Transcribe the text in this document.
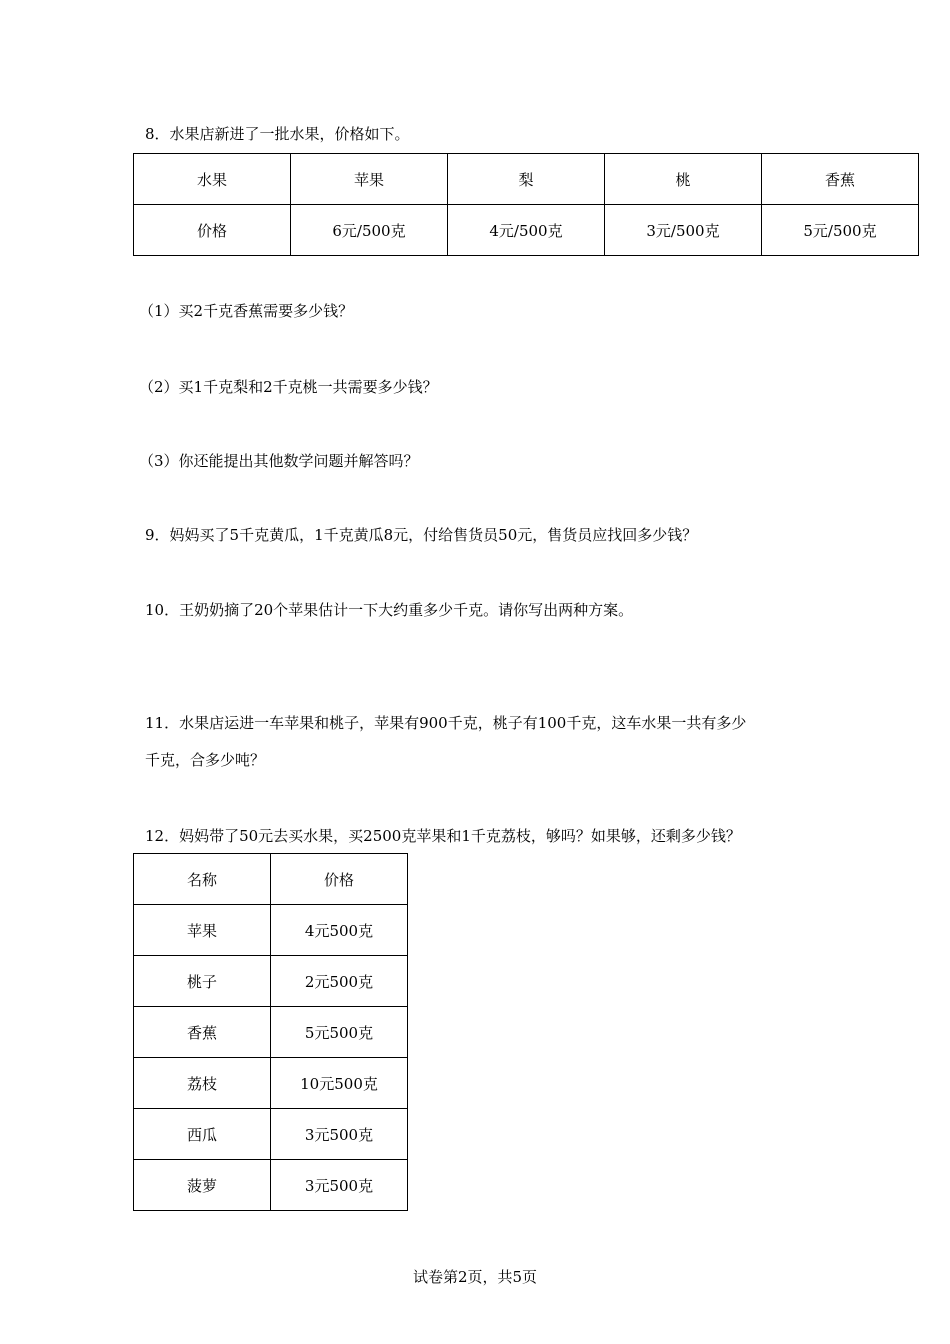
8．水果店新进了一批水果，价格如下。
水果	苹果	梨	桃	香蕉
价格	6元/500克	4元/500克	3元/500克	5元/500克
（1）买2千克香蕉需要多少钱？
（2）买1千克梨和2千克桃一共需要多少钱？
（3）你还能提出其他数学问题并解答吗？
9．妈妈买了5千克黄瓜，1千克黄瓜8元，付给售货员50元，售货员应找回多少钱？
10．王奶奶摘了20个苹果估计一下大约重多少千克。请你写出两种方案。
11．水果店运进一车苹果和桃子，苹果有900千克，桃子有100千克，这车水果一共有多少
千克，合多少吨？
12．妈妈带了50元去买水果，买2500克苹果和1千克荔枝，够吗？如果够，还剩多少钱？
名称	价格
苹果	4元500克
桃子	2元500克
香蕉	5元500克
荔枝	10元500克
西瓜	3元500克
菠萝	3元500克
试卷第2页，共5页
